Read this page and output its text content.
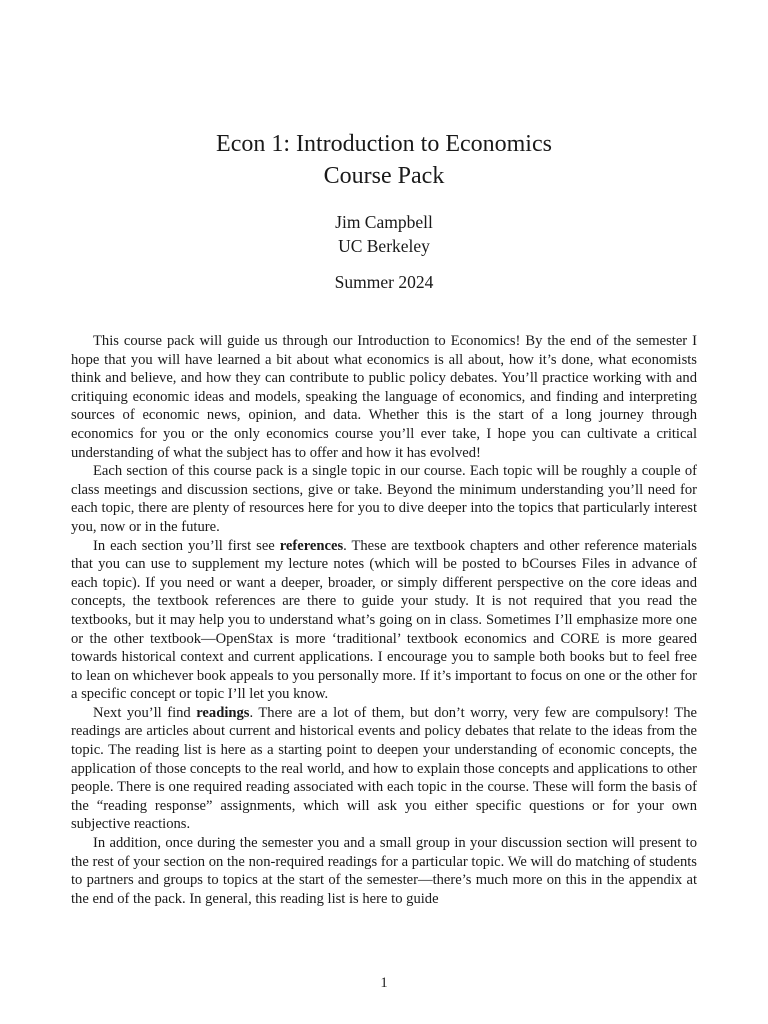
Econ 1: Introduction to Economics
Course Pack

Jim Campbell

UC Berkeley

Summer 2024

This course pack will guide us through our Introduction to Economics! By the end of the semester I hope that you will have learned a bit about what economics is all about, how it’s done, what economists think and believe, and how they can contribute to public policy debates. You’ll practice working with and critiquing economic ideas and models, speaking the language of economics, and finding and interpreting sources of economic news, opinion, and data. Whether this is the start of a long journey through economics for you or the only economics course you’ll ever take, I hope you can cultivate a critical understanding of what the subject has to offer and how it has evolved!

Each section of this course pack is a single topic in our course. Each topic will be roughly a couple of class meetings and discussion sections, give or take. Beyond the minimum understanding you’ll need for each topic, there are plenty of resources here for you to dive deeper into the topics that particularly interest you, now or in the future.

In each section you’ll first see references. These are textbook chapters and other reference materials that you can use to supplement my lecture notes (which will be posted to bCourses Files in advance of each topic). If you need or want a deeper, broader, or simply different perspective on the core ideas and concepts, the textbook references are there to guide your study. It is not required that you read the textbooks, but it may help you to understand what’s going on in class. Sometimes I’ll emphasize more one or the other textbook—OpenStax is more ‘traditional’ textbook economics and CORE is more geared towards historical context and current applications. I encourage you to sample both books but to feel free to lean on whichever book appeals to you personally more. If it’s important to focus on one or the other for a specific concept or topic I’ll let you know.

Next you’ll find readings. There are a lot of them, but don’t worry, very few are compulsory! The readings are articles about current and historical events and policy debates that relate to the ideas from the topic. The reading list is here as a starting point to deepen your understanding of economic concepts, the application of those concepts to the real world, and how to explain those concepts and applications to other people. There is one required reading associated with each topic in the course. These will form the basis of the “reading response” assignments, which will ask you either specific questions or for your own subjective reactions.

In addition, once during the semester you and a small group in your discussion section will present to the rest of your section on the non-required readings for a particular topic. We will do matching of students to partners and groups to topics at the start of the semester—there’s much more on this in the appendix at the end of the pack. In general, this reading list is here to guide

1
